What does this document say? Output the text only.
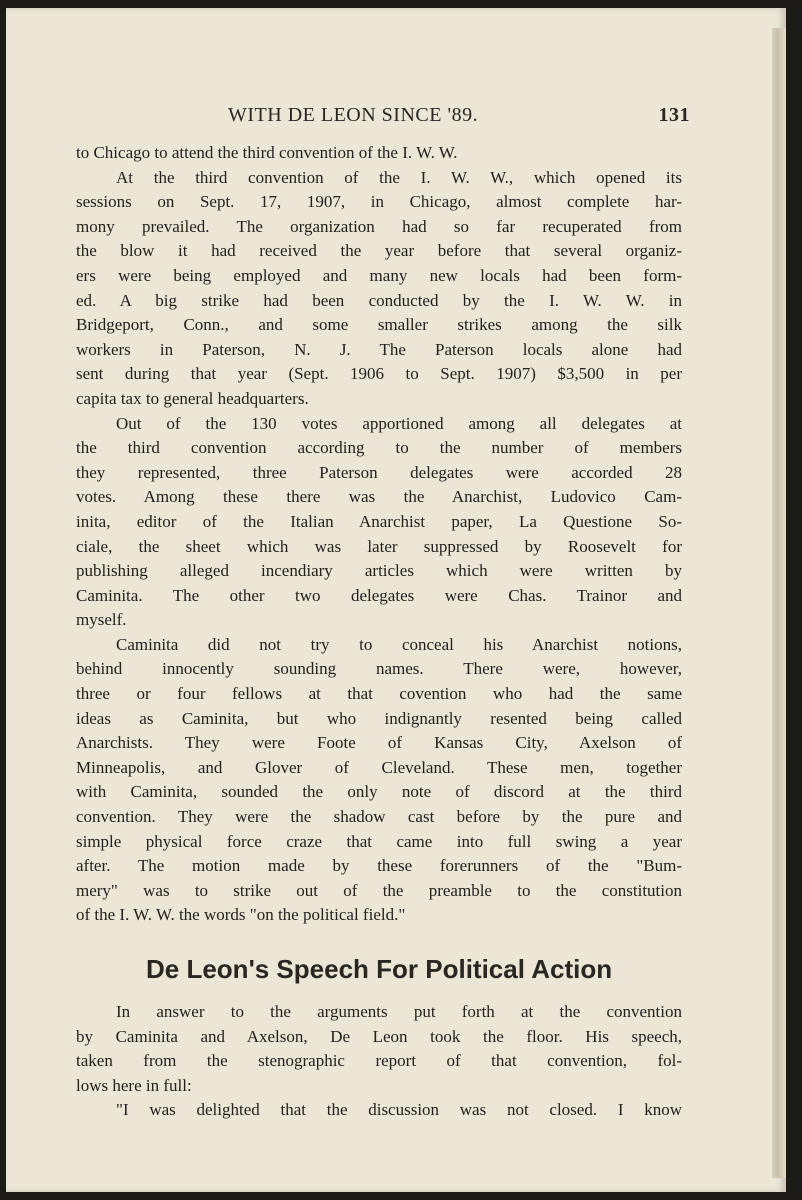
WITH DE LEON SINCE '89.	131
to Chicago to attend the third convention of the I. W. W.
At the third convention of the I. W. W., which opened its
sessions on Sept. 17, 1907, in Chicago, almost complete har-
mony prevailed. The organization had so far recuperated from
the blow it had received the year before that several organiz-
ers were being employed and many new locals had been form-
ed. A big strike had been conducted by the I. W. W. in
Bridgeport, Conn., and some smaller strikes among the silk
workers in Paterson, N. J. The Paterson locals alone had
sent during that year (Sept. 1906 to Sept. 1907) $3,500 in per
capita tax to general headquarters.
Out of the 130 votes apportioned among all delegates at
the third convention according to the number of members
they represented, three Paterson delegates were accorded 28
votes. Among these there was the Anarchist, Ludovico Cam-
inita, editor of the Italian Anarchist paper, La Questione So-
ciale, the sheet which was later suppressed by Roosevelt for
publishing alleged incendiary articles which were written by
Caminita. The other two delegates were Chas. Trainor and
myself.
Caminita did not try to conceal his Anarchist notions,
behind innocently sounding names. There were, however,
three or four fellows at that covention who had the same
ideas as Caminita, but who indignantly resented being called
Anarchists. They were Foote of Kansas City, Axelson of
Minneapolis, and Glover of Cleveland. These men, together
with Caminita, sounded the only note of discord at the third
convention. They were the shadow cast before by the pure and
simple physical force craze that came into full swing a year
after. The motion made by these forerunners of the "Bum-
mery" was to strike out of the preamble to the constitution
of the I. W. W. the words "on the political field."
De Leon's Speech For Political Action
In answer to the arguments put forth at the convention
by Caminita and Axelson, De Leon took the floor. His speech,
taken from the stenographic report of that convention, fol-
lows here in full:
"I was delighted that the discussion was not closed. I know
